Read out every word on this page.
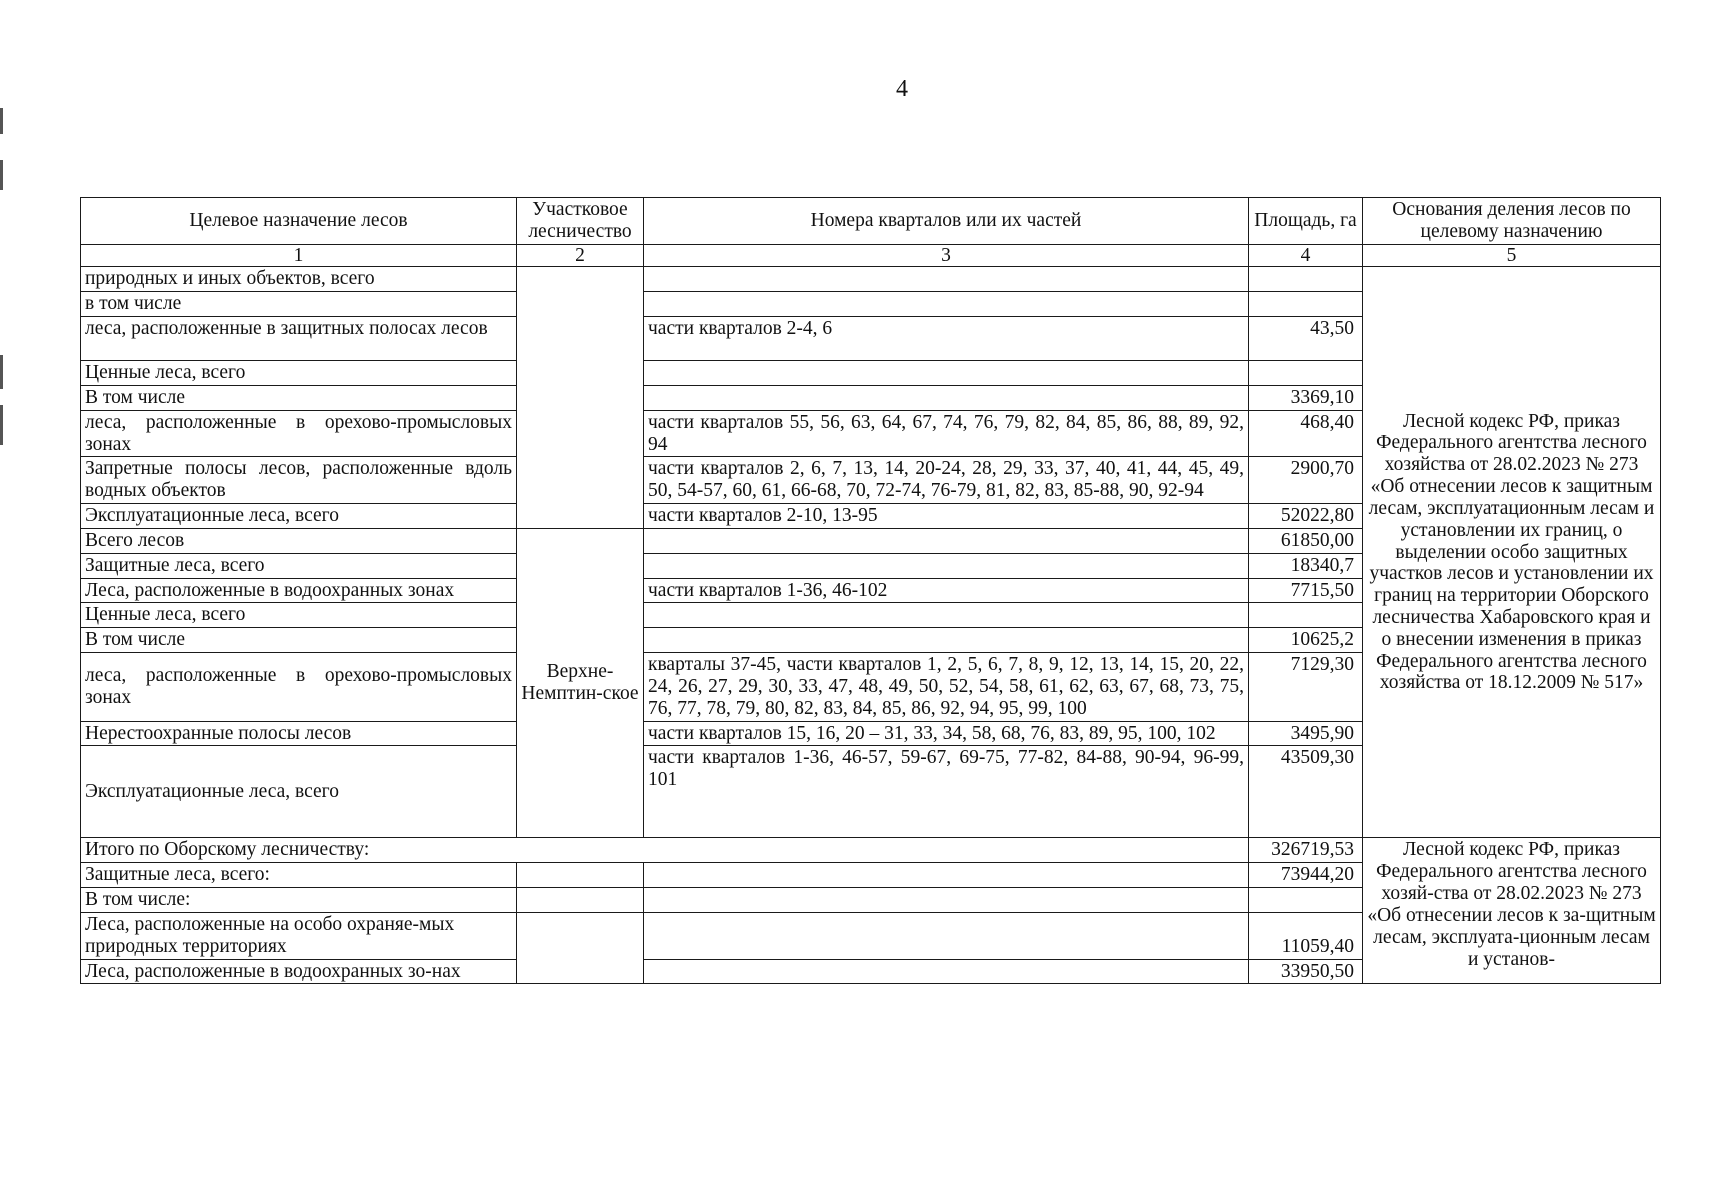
4
Целевое назначение лесов	Участковое лесничество	Номера кварталов или их частей	Площадь, га	Основания деления лесов по целевому назначению
1	2	3	4	5
природных и иных объектов, всего				Лесной кодекс РФ, приказ Федерального агентства лесного хозяйства от 28.02.2023 № 273 «Об отнесении лесов к защитным лесам, эксплуатационным лесам и установлении их границ, о выделении особо защитных участков лесов и установлении их границ на территории Оборского лесничества Хабаровского края и о внесении изменения в приказ Федерального агентства лесного хозяйства от 18.12.2009 № 517»
в том числе				
леса, расположенные в защитных полосах лесов		части кварталов 2-4, 6	43,50	
Ценные леса, всего				
В том числе			3369,10	
леса, расположенные в орехово-промысловых зонах		части кварталов 55, 56, 63, 64, 67, 74, 76, 79, 82, 84, 85, 86, 88, 89, 92, 94	468,40	
Запретные полосы лесов, расположенные вдоль водных объектов		части кварталов 2, 6, 7, 13, 14, 20-24, 28, 29, 33, 37, 40, 41, 44, 45, 49, 50, 54-57, 60, 61, 66-68, 70, 72-74, 76-79, 81, 82, 83, 85-88, 90, 92-94	2900,70	
Эксплуатационные леса, всего		части кварталов 2-10, 13-95	52022,80	
Всего лесов	Верхне-Немптин-ское		61850,00	
Защитные леса, всего			18340,7	
Леса, расположенные в водоохранных зонах		части кварталов 1-36, 46-102	7715,50	
Ценные леса, всего				
В том числе			10625,2	
леса, расположенные в орехово-промысловых зонах		кварталы 37-45, части кварталов 1, 2, 5, 6, 7, 8, 9, 12, 13, 14, 15, 20, 22, 24, 26, 27, 29, 30, 33, 47, 48, 49, 50, 52, 54, 58, 61, 62, 63, 67, 68, 73, 75, 76, 77, 78, 79, 80, 82, 83, 84, 85, 86, 92, 94, 95, 99, 100	7129,30	
Нерестоохранные полосы лесов		части кварталов 15, 16, 20 – 31, 33, 34, 58, 68, 76, 83, 89, 95, 100, 102	3495,90	
Эксплуатационные леса, всего		части кварталов 1-36, 46-57, 59-67, 69-75, 77-82, 84-88, 90-94, 96-99, 101	43509,30	
Итого по Оборскому лесничеству:			326719,53	Лесной кодекс РФ, приказ Федерального агентства лесного хозяй-ства от 28.02.2023 № 273 «Об отнесении лесов к за-щитным лесам, эксплуата-ционным лесам и установ-
Защитные леса, всего:			73944,20	
В том числе:				
Леса, расположенные на особо охраняе-мых природных территориях			11059,40	
Леса, расположенные в водоохранных зо-нах			33950,50	
